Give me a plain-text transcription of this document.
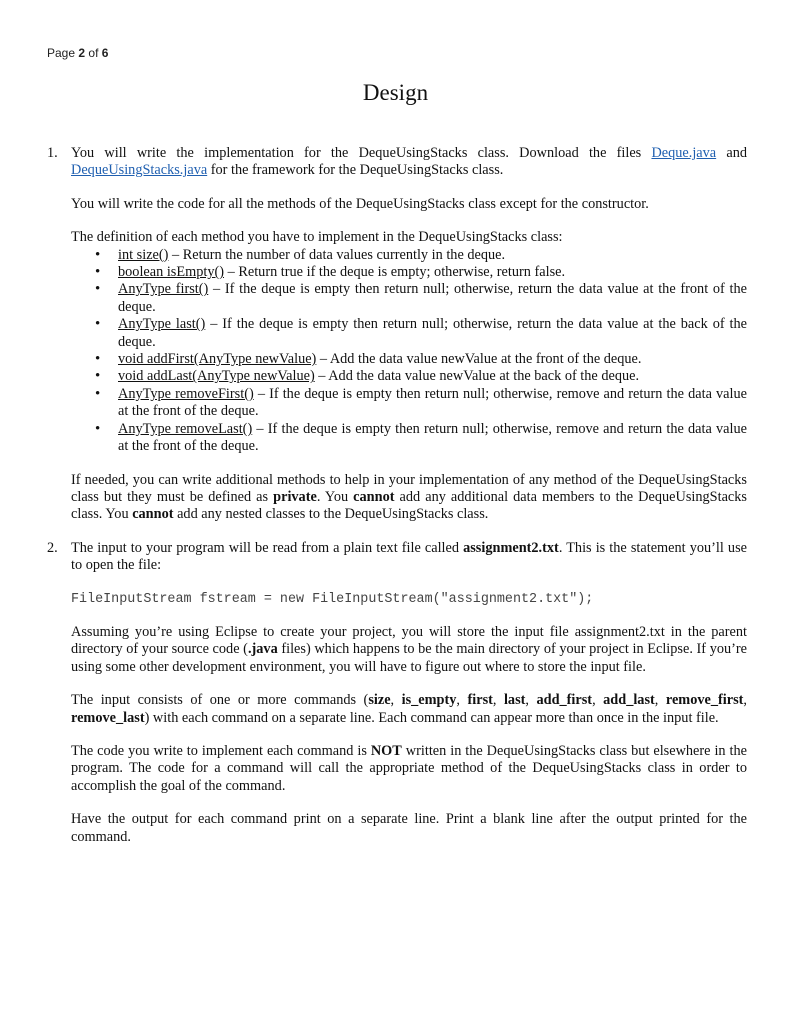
Page 2 of 6
Design
1. You will write the implementation for the DequeUsingStacks class. Download the files Deque.java and DequeUsingStacks.java for the framework for the DequeUsingStacks class.

You will write the code for all the methods of the DequeUsingStacks class except for the constructor.

The definition of each method you have to implement in the DequeUsingStacks class:

• int size() – Return the number of data values currently in the deque.
• boolean isEmpty() – Return true if the deque is empty; otherwise, return false.
• AnyType first() – If the deque is empty then return null; otherwise, return the data value at the front of the deque.
• AnyType last() – If the deque is empty then return null; otherwise, return the data value at the back of the deque.
• void addFirst(AnyType newValue) – Add the data value newValue at the front of the deque.
• void addLast(AnyType newValue) – Add the data value newValue at the back of the deque.
• AnyType removeFirst() – If the deque is empty then return null; otherwise, remove and return the data value at the front of the deque.
• AnyType removeLast() – If the deque is empty then return null; otherwise, remove and return the data value at the front of the deque.

If needed, you can write additional methods to help in your implementation of any method of the DequeUsingStacks class but they must be defined as private. You cannot add any additional data members to the DequeUsingStacks class. You cannot add any nested classes to the DequeUsingStacks class.

2. The input to your program will be read from a plain text file called assignment2.txt. This is the statement you’ll use to open the file:

FileInputStream fstream = new FileInputStream("assignment2.txt");

Assuming you’re using Eclipse to create your project, you will store the input file assignment2.txt in the parent directory of your source code (.java files) which happens to be the main directory of your project in Eclipse. If you’re using some other development environment, you will have to figure out where to store the input file.

The input consists of one or more commands (size, is_empty, first, last, add_first, add_last, remove_first, remove_last) with each command on a separate line. Each command can appear more than once in the input file.

The code you write to implement each command is NOT written in the DequeUsingStacks class but elsewhere in the program. The code for a command will call the appropriate method of the DequeUsingStacks class in order to accomplish the goal of the command.

Have the output for each command print on a separate line. Print a blank line after the output printed for the command.
